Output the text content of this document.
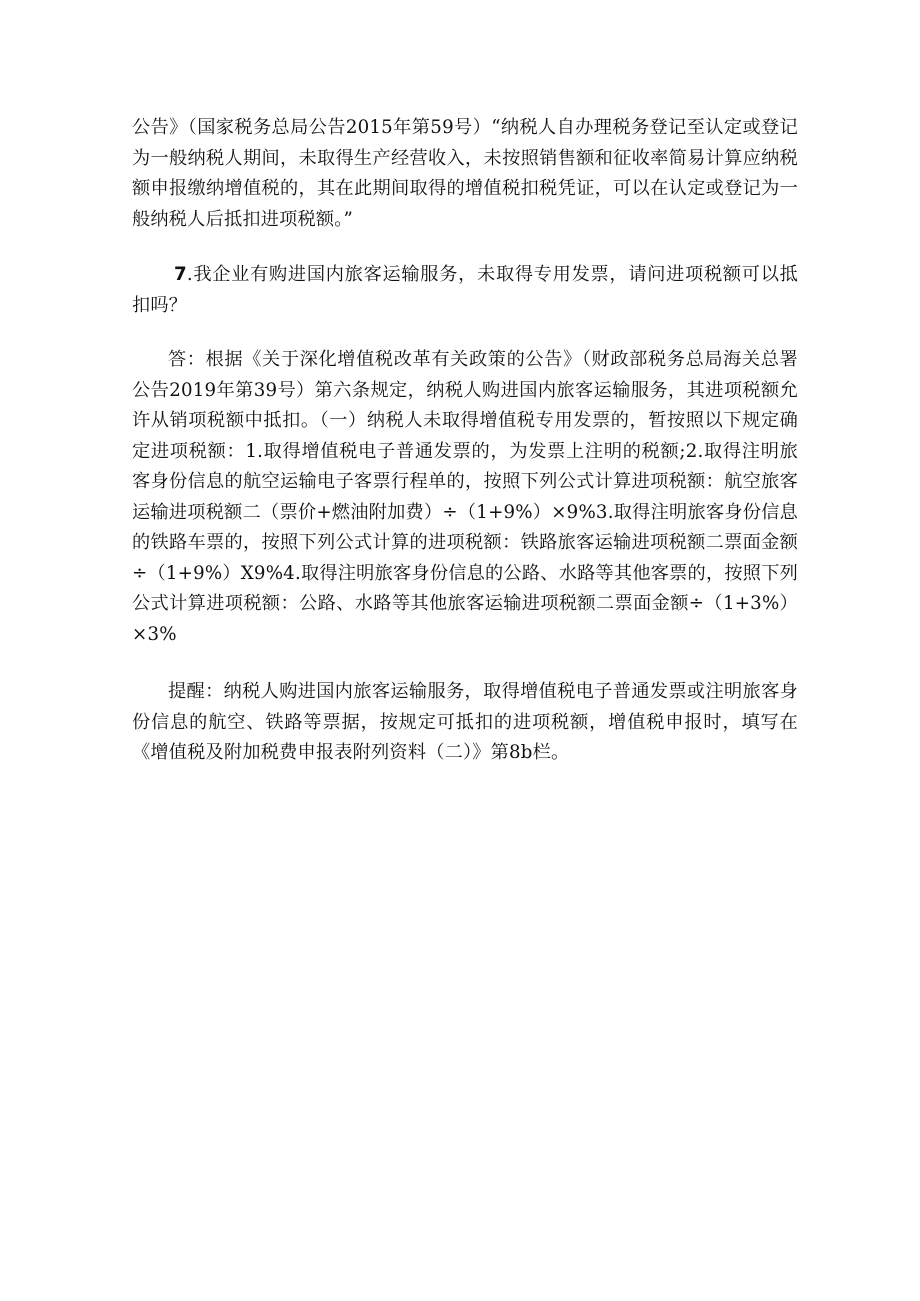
公告》（国家税务总局公告2015年第59号）“纳税人自办理税务登记至认定或登记为一般纳税人期间，未取得生产经营收入，未按照销售额和征收率简易计算应纳税额申报缴纳增值税的，其在此期间取得的增值税扣税凭证，可以在认定或登记为一般纳税人后抵扣进项税额。”

7.我企业有购进国内旅客运输服务，未取得专用发票，请问进项税额可以抵扣吗？

答：根据《关于深化增值税改革有关政策的公告》（财政部税务总局海关总署公告2019年第39号）第六条规定，纳税人购进国内旅客运输服务，其进项税额允许从销项税额中抵扣。（一）纳税人未取得增值税专用发票的，暂按照以下规定确定进项税额：1.取得增值税电子普通发票的，为发票上注明的税额;2.取得注明旅客身份信息的航空运输电子客票行程单的，按照下列公式计算进项税额：航空旅客运输进项税额二（票价+燃油附加费）÷（1+9%）×9%3.取得注明旅客身份信息的铁路车票的，按照下列公式计算的进项税额：铁路旅客运输进项税额二票面金额÷（1+9%）X9%4.取得注明旅客身份信息的公路、水路等其他客票的，按照下列公式计算进项税额：公路、水路等其他旅客运输进项税额二票面金额÷（1+3%）×3%

提醒：纳税人购进国内旅客运输服务，取得增值税电子普通发票或注明旅客身份信息的航空、铁路等票据，按规定可抵扣的进项税额，增值税申报时，填写在《增值税及附加税费申报表附列资料（二）》第8b栏。
